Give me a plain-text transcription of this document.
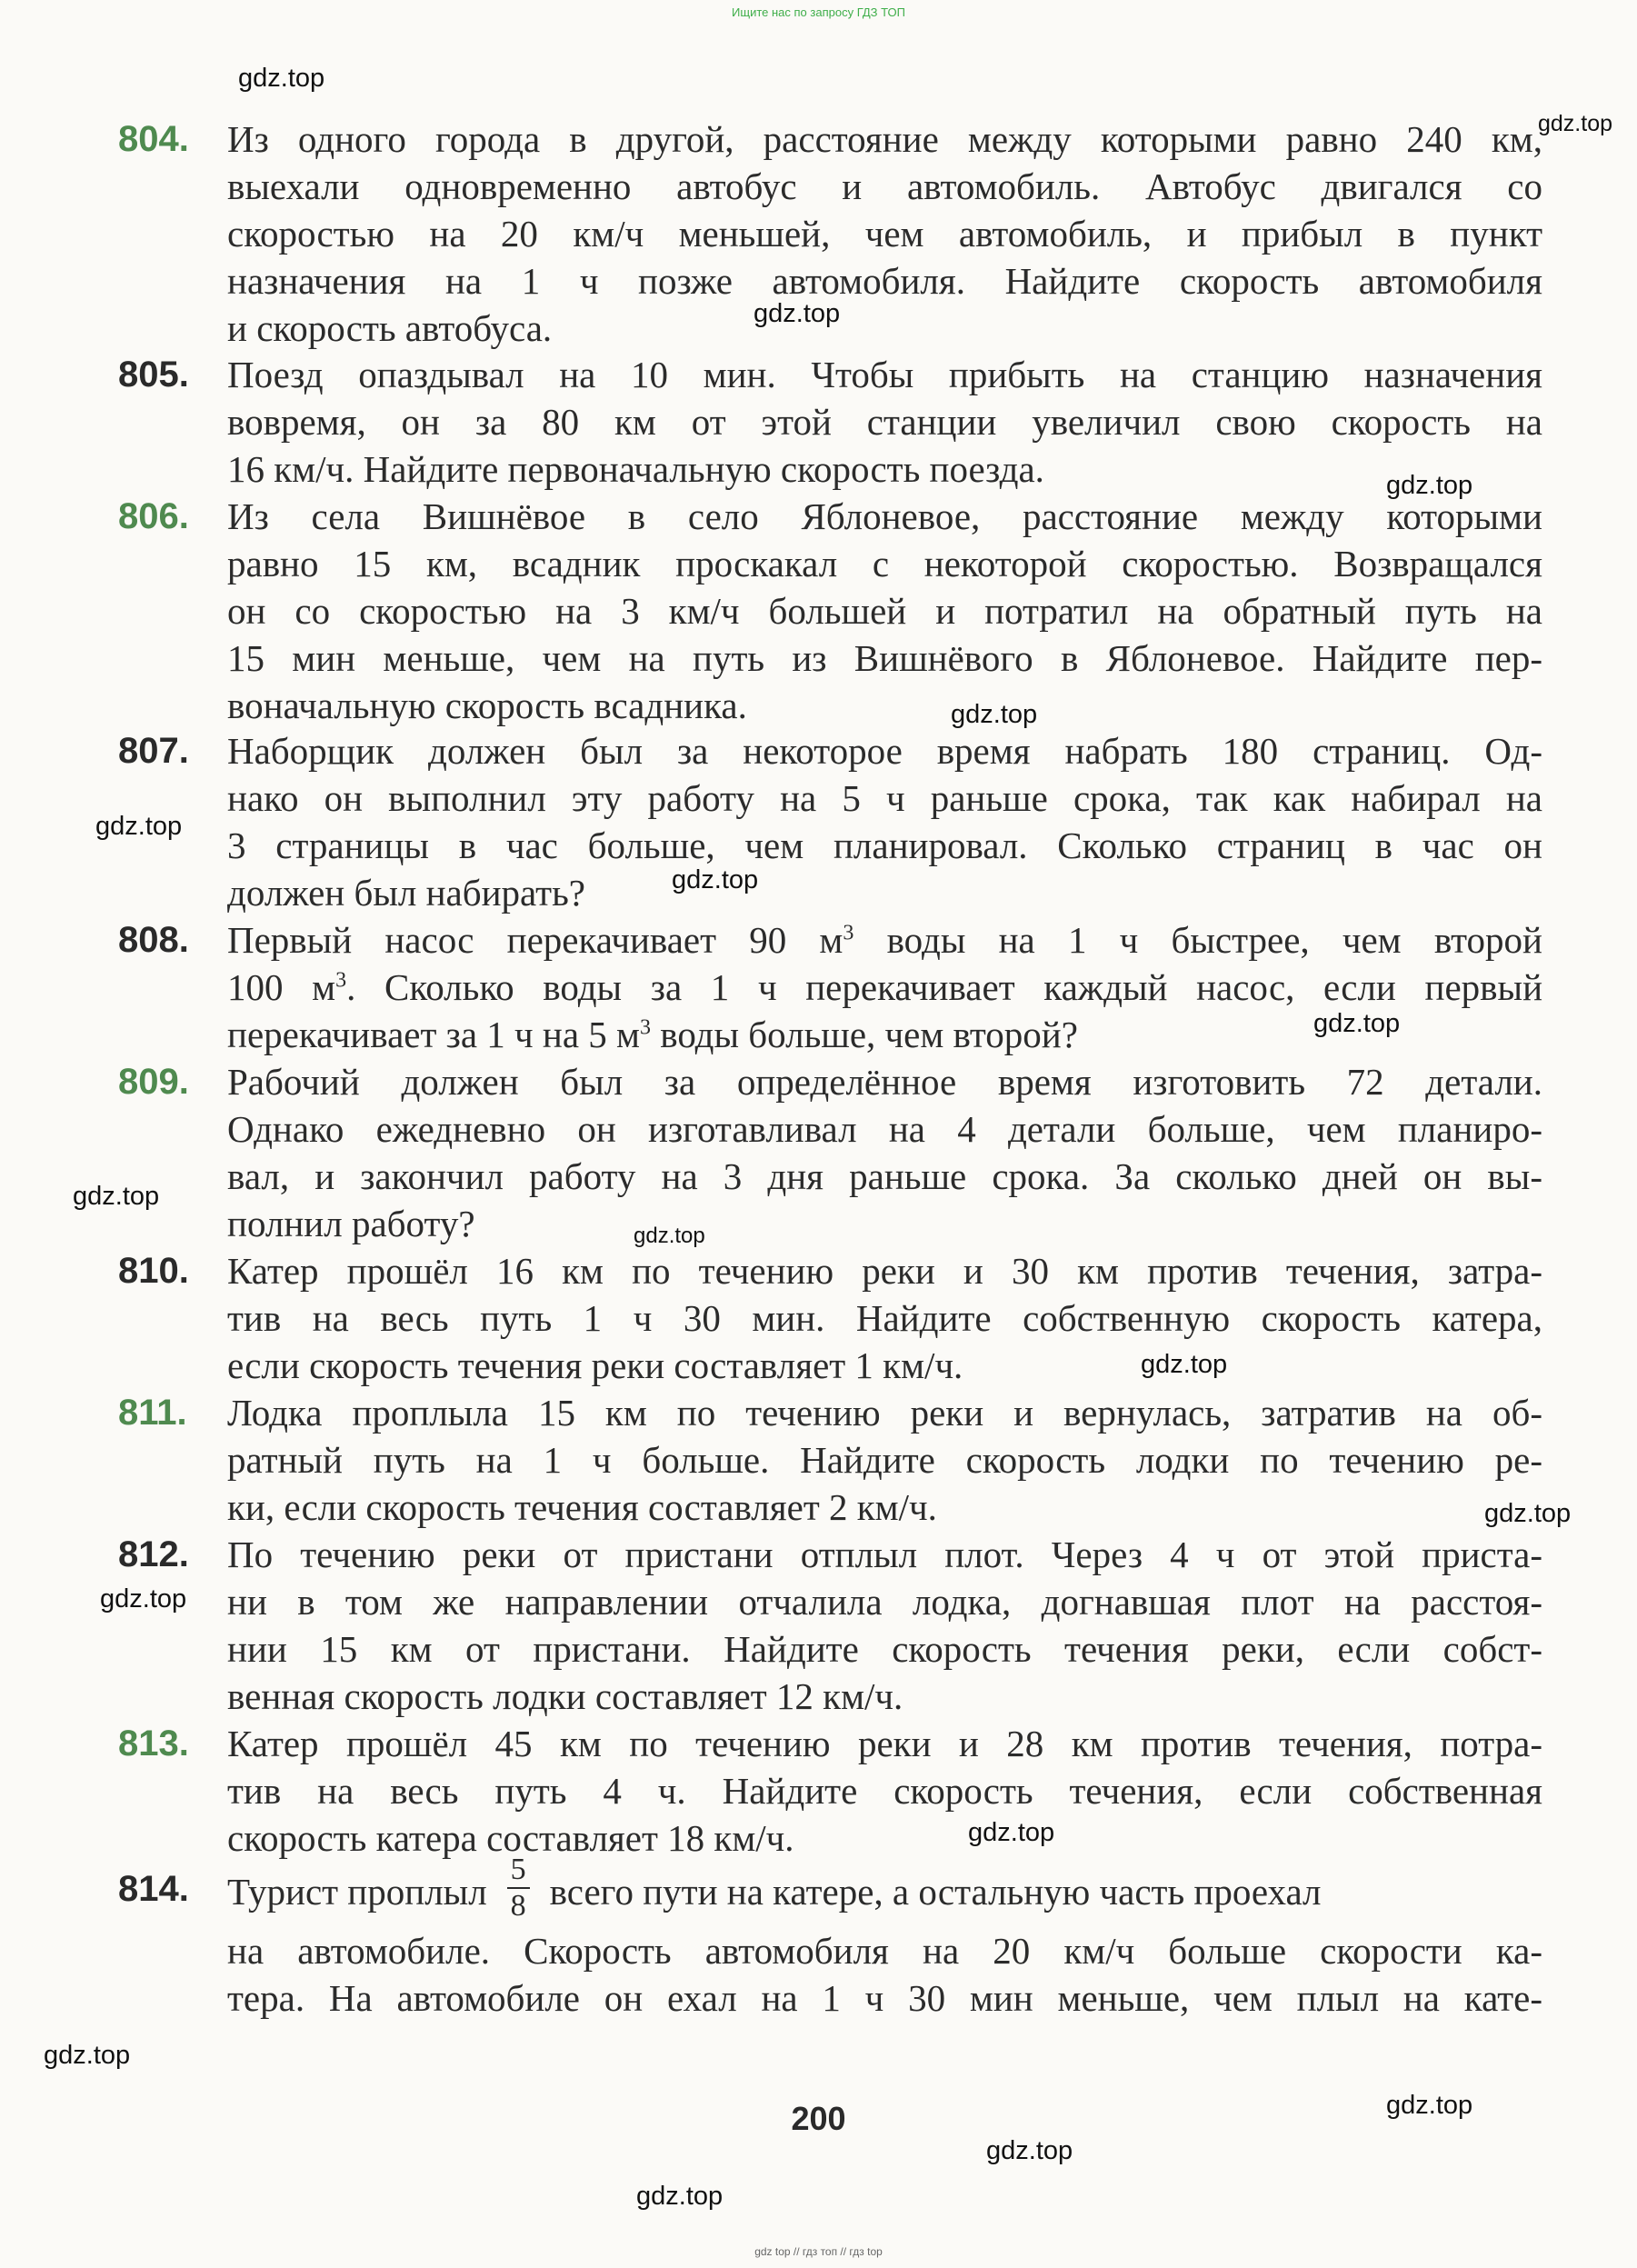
Ищите нас по запросу ГДЗ ТОП
804. Из одного города в другой, расстояние между которыми равно 240 км,
выехали одновременно автобус и автомобиль. Автобус двигался со
скоростью на 20 км/ч меньшей, чем автомобиль, и прибыл в пункт
назначения на 1 ч позже автомобиля. Найдите скорость автомобиля
и скорость автобуса.
805. Поезд опаздывал на 10 мин. Чтобы прибыть на станцию назначения
вовремя, он за 80 км от этой станции увеличил свою скорость на
16 км/ч. Найдите первоначальную скорость поезда.
806. Из села Вишнёвое в село Яблоневое, расстояние между которыми
равно 15 км, всадник проскакал с некоторой скоростью. Возвращался
он со скоростью на 3 км/ч большей и потратил на обратный путь на
15 мин меньше, чем на путь из Вишнёвого в Яблоневое. Найдите пер-
воначальную скорость всадника.
807. Наборщик должен был за некоторое время набрать 180 страниц. Од-
нако он выполнил эту работу на 5 ч раньше срока, так как набирал на
3 страницы в час больше, чем планировал. Сколько страниц в час он
должен был набирать?
808. Первый насос перекачивает 90 $м^3$ воды на 1 ч быстрее, чем второй
100 $м^3$. Сколько воды за 1 ч перекачивает каждый насос, если первый
перекачивает за 1 ч на 5 $м^3$ воды больше, чем второй?
809. Рабочий должен был за определённое время изготовить 72 детали.
Однако ежедневно он изготавливал на 4 детали больше, чем планиро-
вал, и закончил работу на 3 дня раньше срока. За сколько дней он вы-
полнил работу?
810. Катер прошёл 16 км по течению реки и 30 км против течения, затра-
тив на весь путь 1 ч 30 мин. Найдите собственную скорость катера,
если скорость течения реки составляет 1 км/ч.
811. Лодка проплыла 15 км по течению реки и вернулась, затратив на об-
ратный путь на 1 ч больше. Найдите скорость лодки по течению ре-
ки, если скорость течения составляет 2 км/ч.
812. По течению реки от пристани отплыл плот. Через 4 ч от этой приста-
ни в том же направлении отчалила лодка, догнавшая плот на расстоя-
нии 15 км от пристани. Найдите скорость течения реки, если собст-
венная скорость лодки составляет 12 км/ч.
813. Катер прошёл 45 км по течению реки и 28 км против течения, потра-
тив на весь путь 4 ч. Найдите скорость течения, если собственная
скорость катера составляет 18 км/ч.
814. Турист проплыл $\frac{5}{8}$ всего пути на катере, а остальную часть проехал
на автомобиле. Скорость автомобиля на 20 км/ч больше скорости ка-
тера. На автомобиле он ехал на 1 ч 30 мин меньше, чем плыл на кате-
200
gdz.top
gdz.top
gdz.top
gdz.top
gdz.top
gdz.top
gdz.top
gdz.top
gdz.top
gdz.top
gdz.top
gdz.top
gdz.top
gdz.top
gdz.top
gdz.top
gdz.top
gdz.top
gdz top // гдз топ // гдз top
